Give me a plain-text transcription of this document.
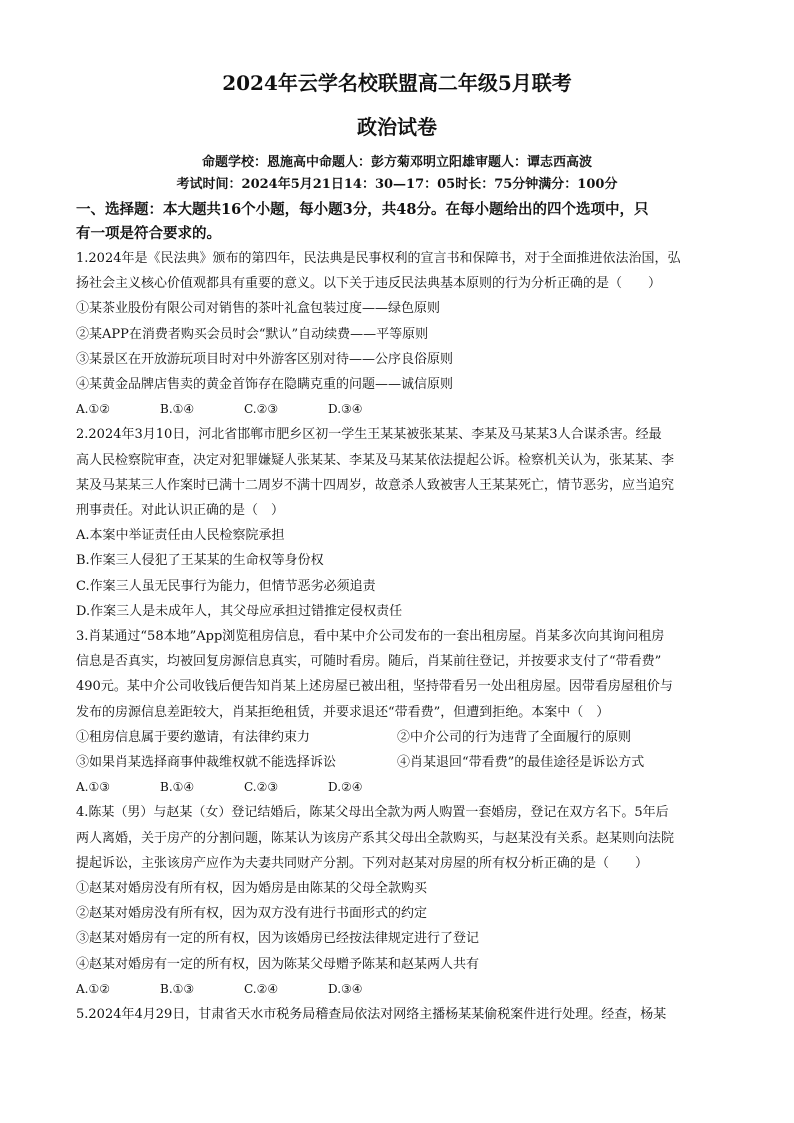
2024年云学名校联盟高二年级5月联考
政治试卷
命题学校：恩施高中命题人：彭方菊邓明立阳雄审题人：谭志西高波
考试时间：2024年5月21日14：30—17：05时长：75分钟满分：100分
一、选择题：本大题共16个小题，每小题3分，共48分。在每小题给出的四个选项中，只
有一项是符合要求的。
1.2024年是《民法典》颁布的第四年，民法典是民事权利的宣言书和保障书，对于全面推进依法治国，弘
扬社会主义核心价值观都具有重要的意义。以下关于违反民法典基本原则的行为分析正确的是（　　）
①某茶业股份有限公司对销售的茶叶礼盒包装过度——绿色原则
②某APP在消费者购买会员时会“默认”自动续费——平等原则
③某景区在开放游玩项目时对中外游客区别对待——公序良俗原则
④某黄金品牌店售卖的黄金首饰存在隐瞒克重的问题——诚信原则
A.①②	B.①④	C.②③	D.③④
2.2024年3月10日，河北省邯郸市肥乡区初一学生王某某被张某某、李某及马某某3人合谋杀害。经最
高人民检察院审查，决定对犯罪嫌疑人张某某、李某及马某某依法提起公诉。检察机关认为，张某某、李
某及马某某三人作案时已满十二周岁不满十四周岁，故意杀人致被害人王某某死亡，情节恶劣，应当追究
刑事责任。对此认识正确的是（　）
A.本案中举证责任由人民检察院承担
B.作案三人侵犯了王某某的生命权等身份权
C.作案三人虽无民事行为能力，但情节恶劣必须追责
D.作案三人是未成年人，其父母应承担过错推定侵权责任
3.肖某通过“58本地”App浏览租房信息，看中某中介公司发布的一套出租房屋。肖某多次向其询问租房
信息是否真实，均被回复房源信息真实，可随时看房。随后，肖某前往登记，并按要求支付了“带看费”
490元。某中介公司收钱后便告知肖某上述房屋已被出租，坚持带看另一处出租房屋。因带看房屋租价与
发布的房源信息差距较大，肖某拒绝租赁，并要求退还“带看费”，但遭到拒绝。本案中（　）
①租房信息属于要约邀请，有法律约束力	②中介公司的行为违背了全面履行的原则
③如果肖某选择商事仲裁维权就不能选择诉讼	④肖某退回“带看费”的最佳途径是诉讼方式
A.①③	B.①④	C.②③	D.②④
4.陈某（男）与赵某（女）登记结婚后，陈某父母出全款为两人购置一套婚房，登记在双方名下。5年后
两人离婚，关于房产的分割问题，陈某认为该房产系其父母出全款购买，与赵某没有关系。赵某则向法院
提起诉讼，主张该房产应作为夫妻共同财产分割。下列对赵某对房屋的所有权分析正确的是（　　）
①赵某对婚房没有所有权，因为婚房是由陈某的父母全款购买
②赵某对婚房没有所有权，因为双方没有进行书面形式的约定
③赵某对婚房有一定的所有权，因为该婚房已经按法律规定进行了登记
④赵某对婚房有一定的所有权，因为陈某父母赠予陈某和赵某两人共有
A.①②	B.①③	C.②④	D.③④
5.2024年4月29日，甘肃省天水市税务局稽查局依法对网络主播杨某某偷税案件进行处理。经查，杨某
